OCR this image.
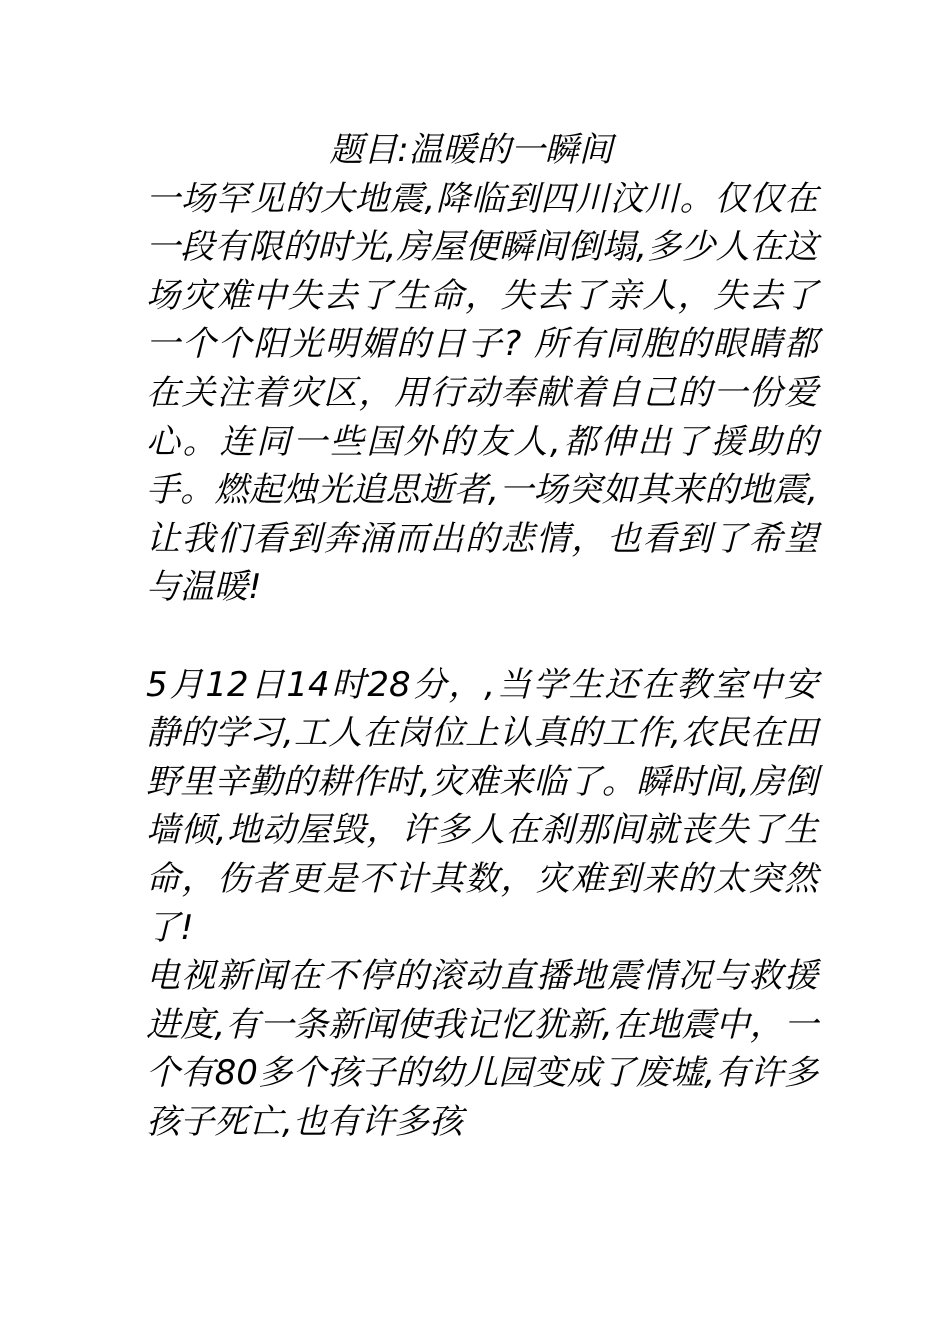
题目:温暖的一瞬间

一场罕见的大地震,降临到四川汶川。仅仅在一段有限的时光,房屋便瞬间倒塌,多少人在这场灾难中失去了生命，失去了亲人，失去了一个个阳光明媚的日子? 所有同胞的眼睛都在关注着灾区，用行动奉献着自己的一份爱心。连同一些国外的友人,都伸出了援助的手。燃起烛光追思逝者,一场突如其来的地震,让我们看到奔涌而出的悲情，也看到了希望与温暖!

5月12日14时28分，,当学生还在教室中安静的学习,工人在岗位上认真的工作,农民在田野里辛勤的耕作时,灾难来临了。瞬时间,房倒墙倾,地动屋毁，许多人在刹那间就丧失了生命，伤者更是不计其数，灾难到来的太突然了!

电视新闻在不停的滚动直播地震情况与救援进度,有一条新闻使我记忆犹新,在地震中，一个有80多个孩子的幼儿园变成了废墟,有许多孩子死亡,也有许多孩
